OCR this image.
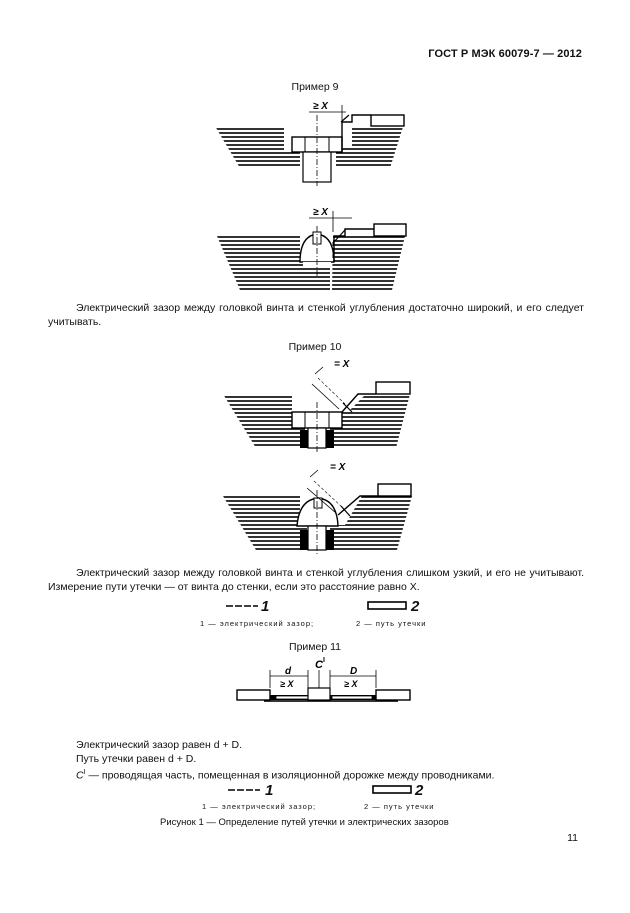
ГОСТ Р МЭК 60079-7 — 2012
Пример 9
≥ X
≥ X
= X
= X
d	D
C I
≥ X	≥ X
Электрический зазор между головкой винта и стенкой углубления достаточно широкий, и его следует учитывать.
Пример 10
Электрический зазор между головкой винта и стенкой углубления слишком узкий, и его не учитывают. Измерение пути утечки — от винта до стенки, если это расстояние равно X.
1	2
1 — электрический зазор;	2 — путь утечки
Пример 11
Электрический зазор равен d + D.
Путь утечки равен d + D.
$C^I$ — проводящая часть, помещенная в изоляционной дорожке между проводниками.
1	2
1 — электрический зазор;	2 — путь утечки
Рисунок 1 — Определение путей утечки и электрических зазоров
11
